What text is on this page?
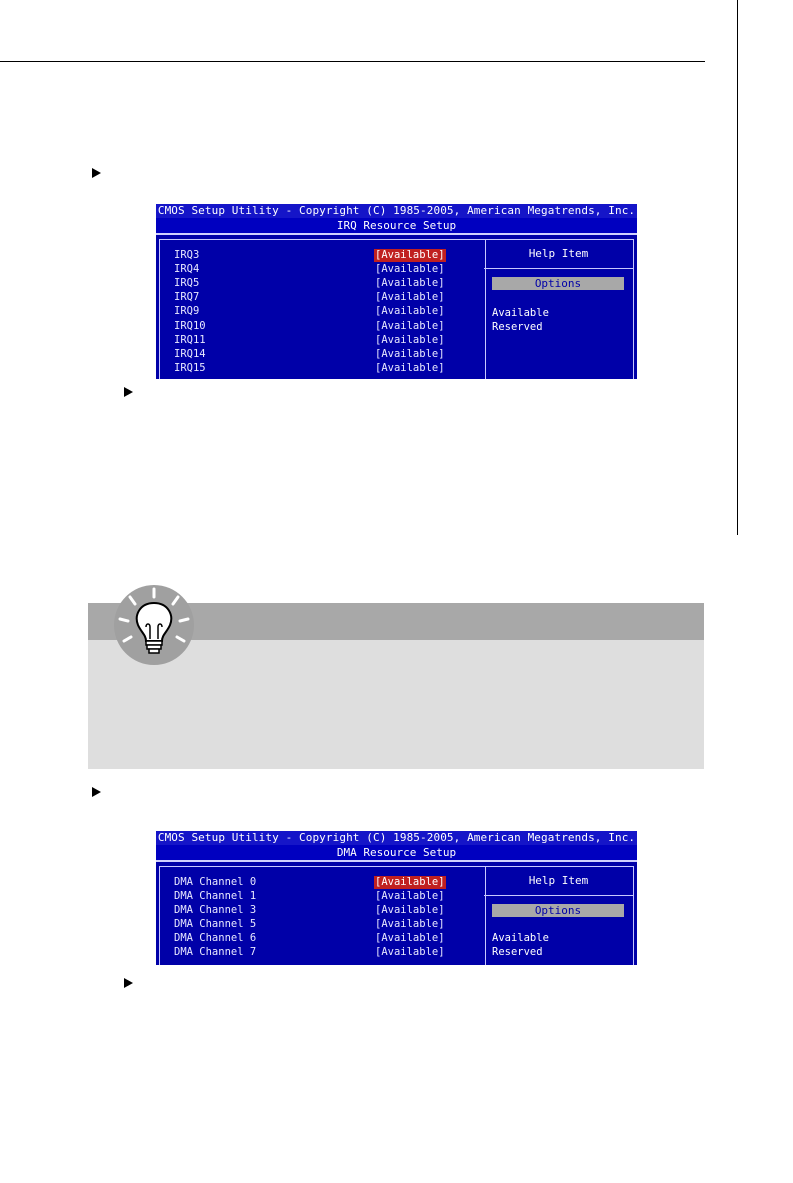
CMOS Setup Utility - Copyright (C) 1985-2005, American Megatrends, Inc.
IRQ Resource Setup
IRQ3	[Available]
IRQ4	[Available]
IRQ5	[Available]
IRQ7	[Available]
IRQ9	[Available]
IRQ10	[Available]
IRQ11	[Available]
IRQ14	[Available]
IRQ15	[Available]
Help Item
Options
Available
Reserved
CMOS Setup Utility - Copyright (C) 1985-2005, American Megatrends, Inc.
DMA Resource Setup
DMA Channel 0	[Available]
DMA Channel 1	[Available]
DMA Channel 3	[Available]
DMA Channel 5	[Available]
DMA Channel 6	[Available]
DMA Channel 7	[Available]
Help Item
Options
Available
Reserved
